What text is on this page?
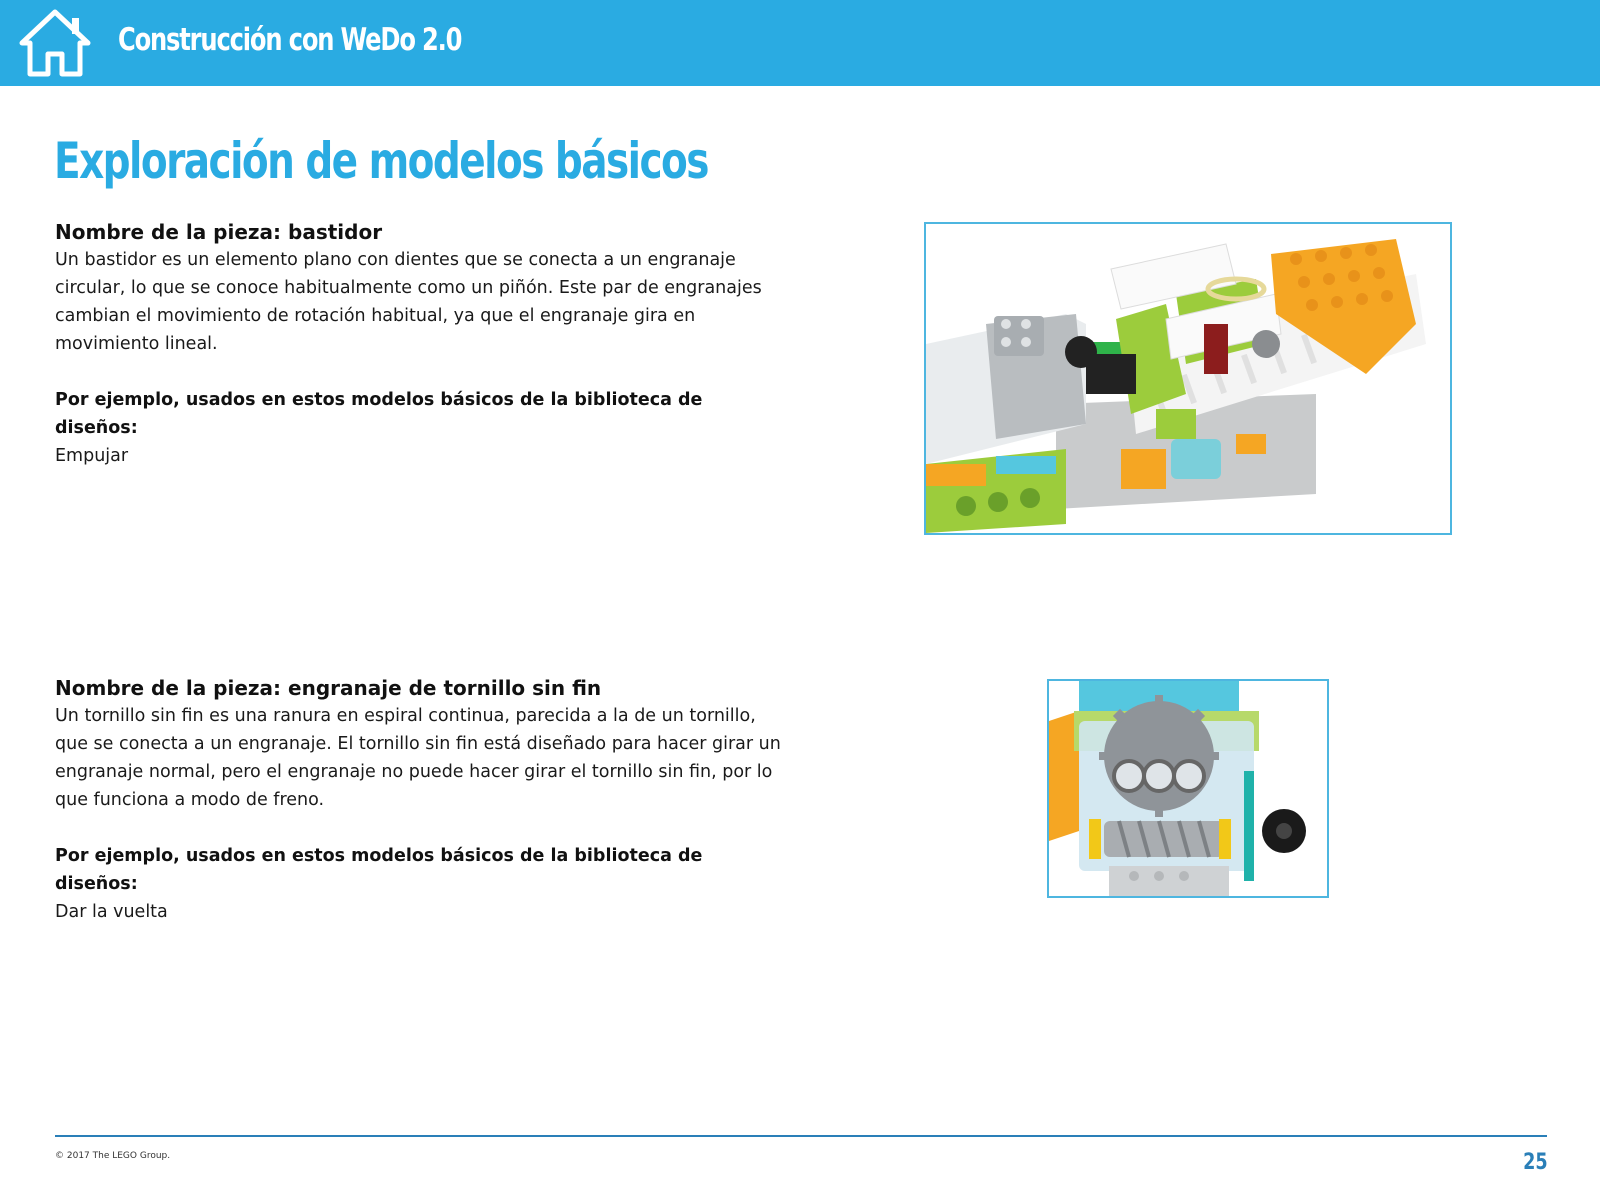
Construcción con WeDo 2.0
Exploración de modelos básicos
Nombre de la pieza: bastidor
Un bastidor es un elemento plano con dientes que se conecta a un engranaje circular, lo que se conoce habitualmente como un piñón. Este par de engranajes cambian el movimiento de rotación habitual, ya que el engranaje gira en movimiento lineal.
Por ejemplo, usados en estos modelos básicos de la biblioteca de diseños:
Empujar
Nombre de la pieza: engranaje de tornillo sin fin
Un tornillo sin fin es una ranura en espiral continua, parecida a la de un tornillo, que se conecta a un engranaje. El tornillo sin fin está diseñado para hacer girar un engranaje normal, pero el engranaje no puede hacer girar el tornillo sin fin, por lo que funciona a modo de freno.
Por ejemplo, usados en estos modelos básicos de la biblioteca de diseños:
Dar la vuelta
© 2017 The LEGO Group.	25
